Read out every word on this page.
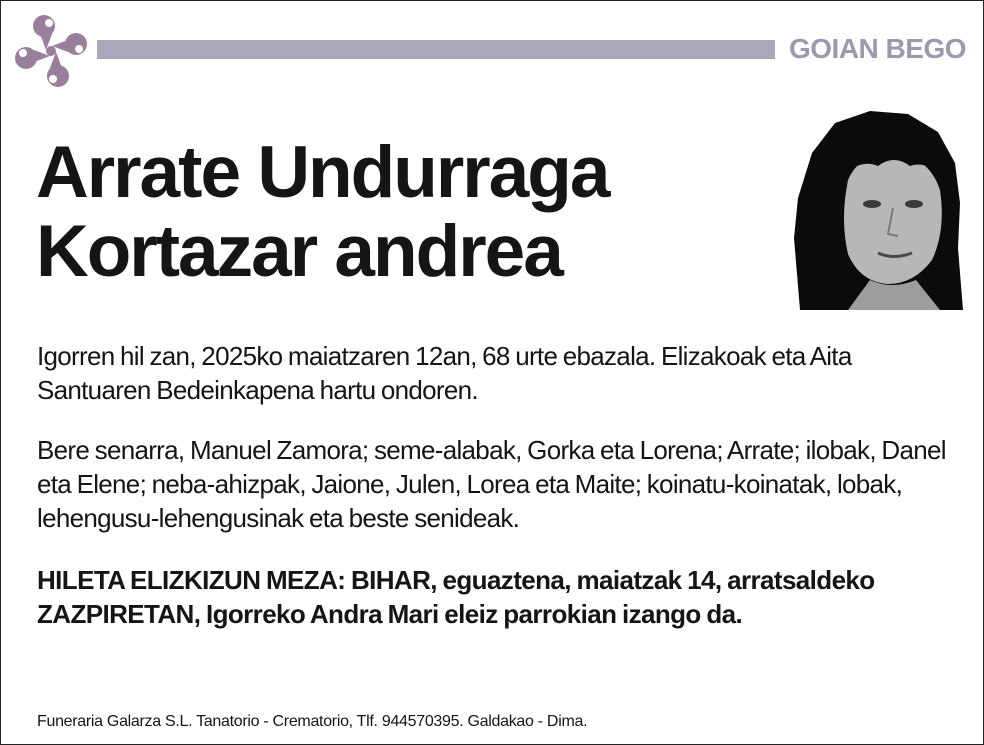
GOIAN BEGO
Arrate Undurraga
Kortazar andrea

Igorren hil zan, 2025ko maiatzaren 12an, 68 urte ebazala. Elizakoak eta Aita Santuaren Bedeinkapena hartu ondoren.

Bere senarra, Manuel Zamora; seme-alabak, Gorka eta Lorena; Arrate; ilobak, Danel eta Elene; neba-ahizpak, Jaione, Julen, Lorea eta Maite; koinatu-koinatak, lobak, lehengusu-lehengusinak eta beste senideak.

HILETA ELIZKIZUN MEZA: BIHAR, eguaztena, maiatzak 14, arratsaldeko ZAZPIRETAN, Igorreko Andra Mari eleiz parrokian izango da.

Funeraria Galarza S.L. Tanatorio - Crematorio, Tlf. 944570395. Galdakao - Dima.
